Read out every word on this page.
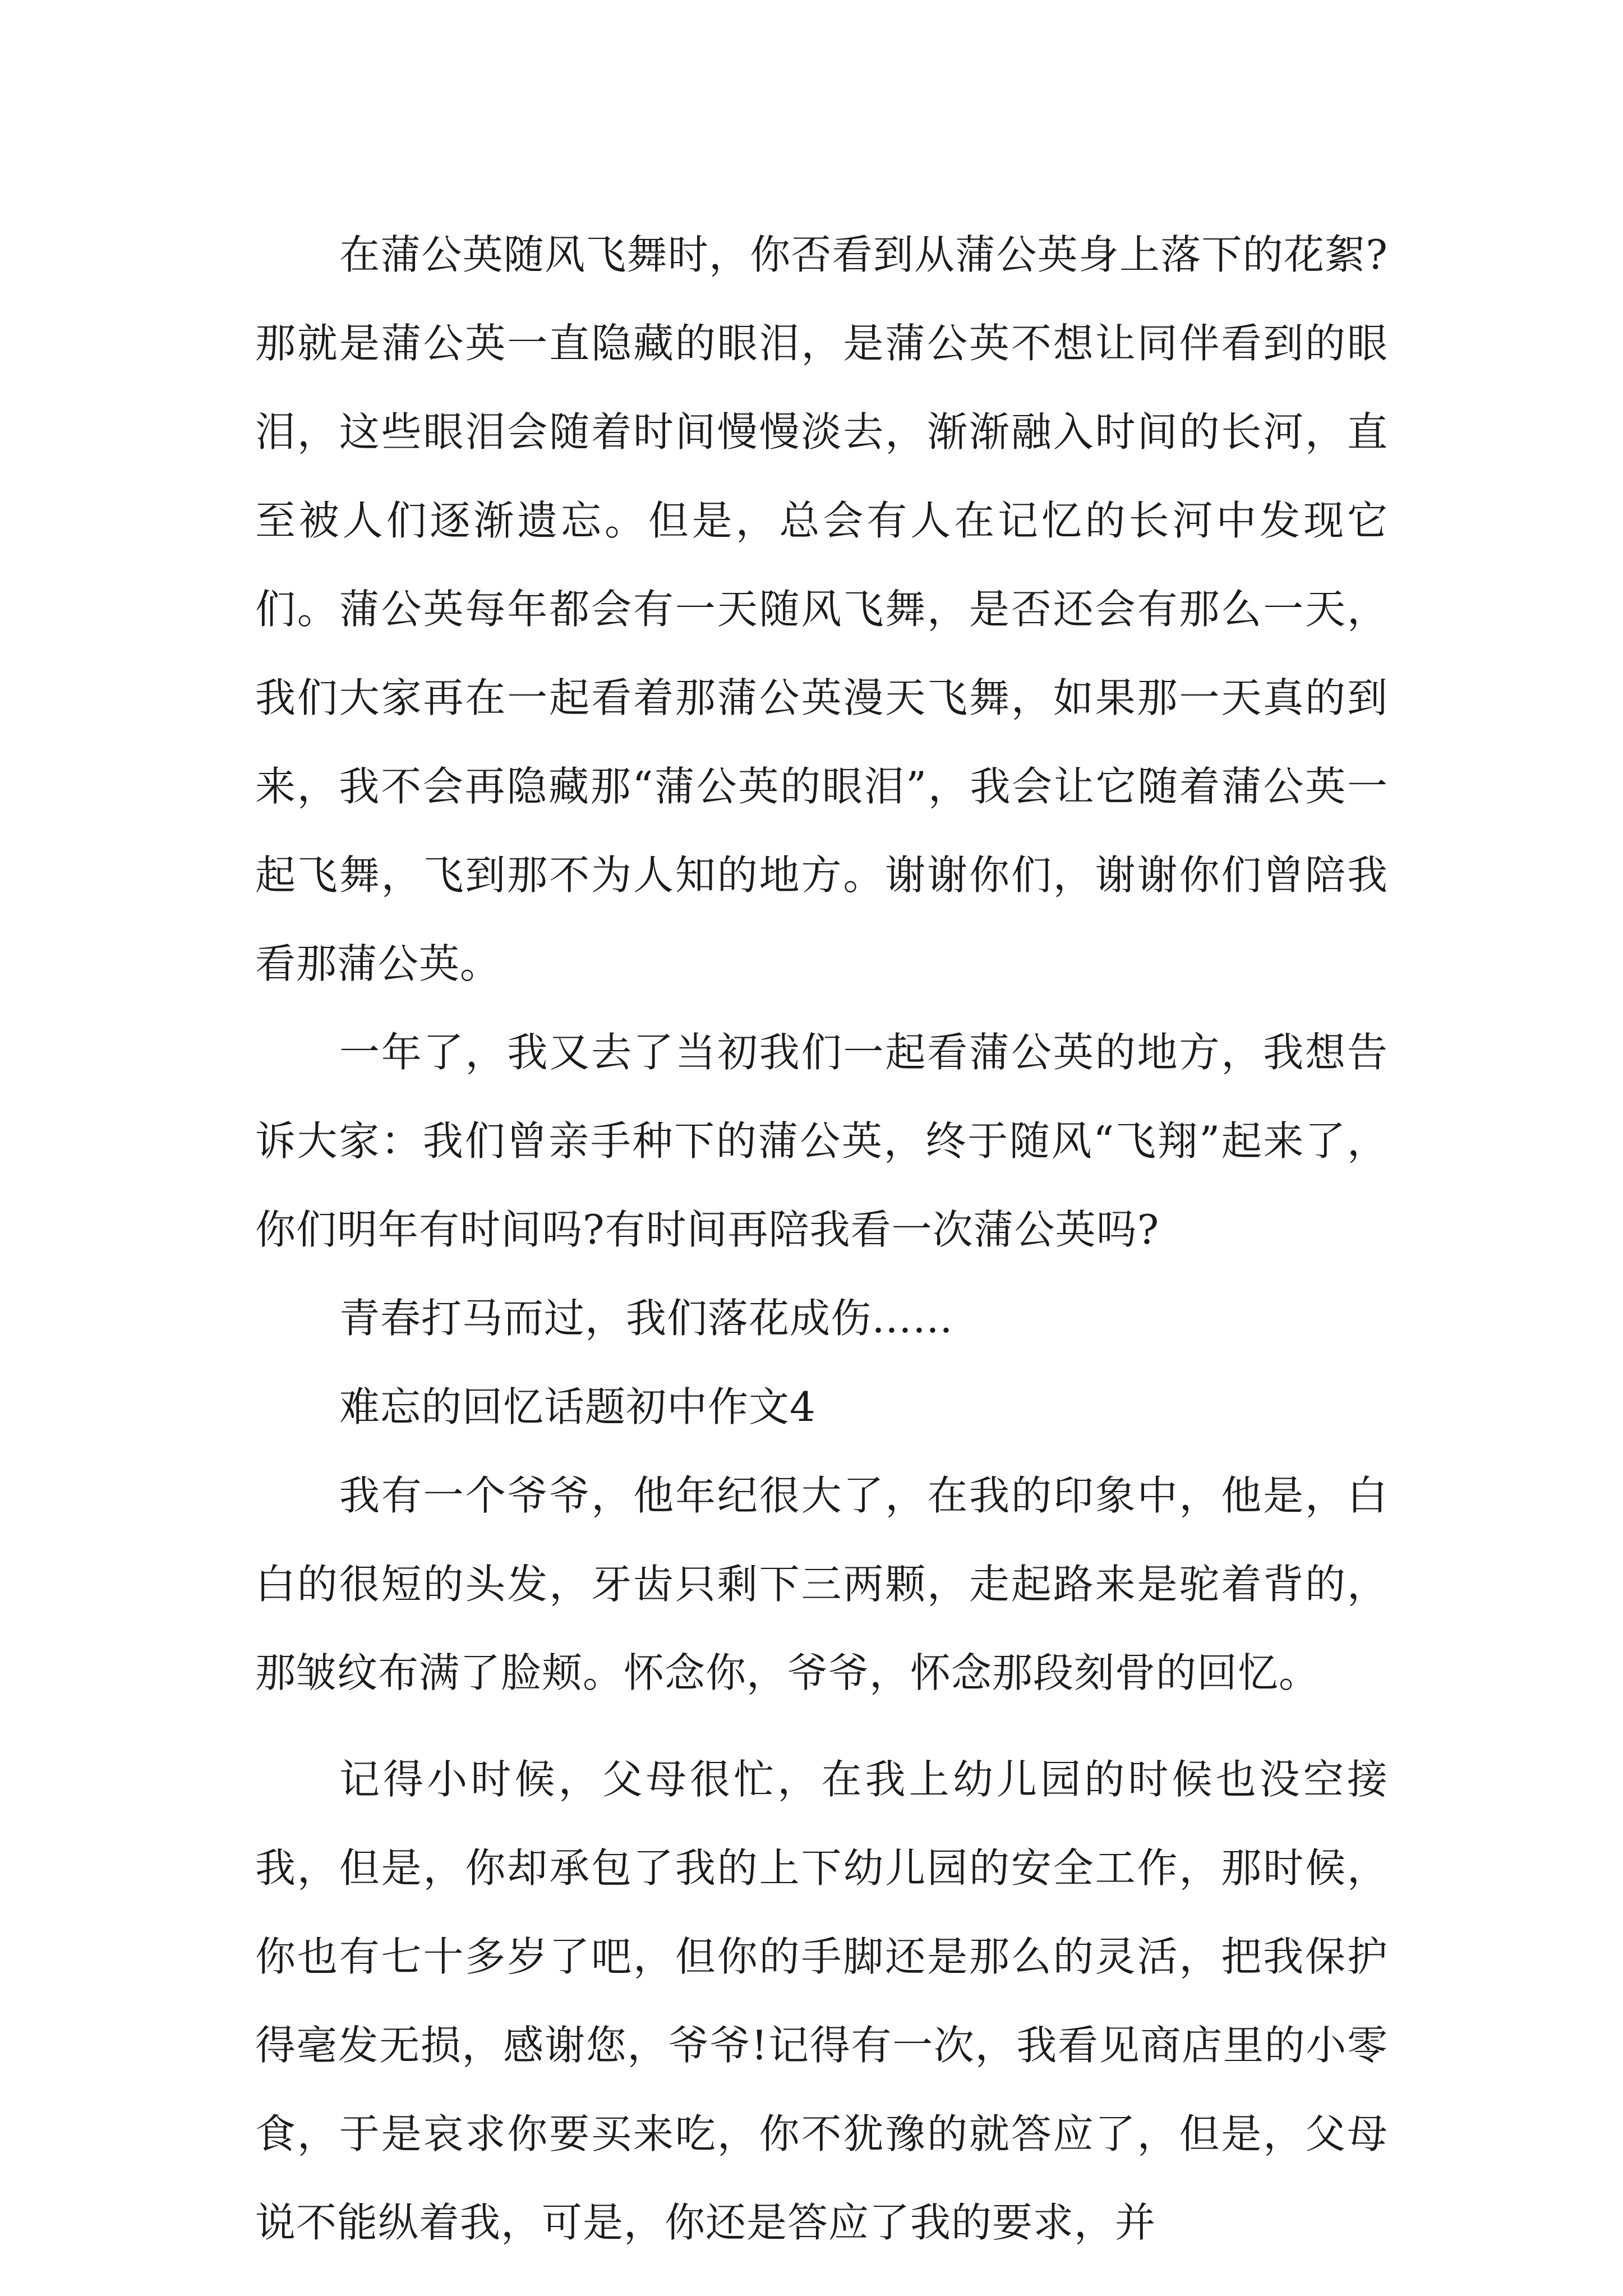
在蒲公英随风飞舞时，你否看到从蒲公英身上落下的花絮?那就是蒲公英一直隐藏的眼泪，是蒲公英不想让同伴看到的眼泪，这些眼泪会随着时间慢慢淡去，渐渐融入时间的长河，直至被人们逐渐遗忘。但是，总会有人在记忆的长河中发现它们。蒲公英每年都会有一天随风飞舞，是否还会有那么一天，我们大家再在一起看着那蒲公英漫天飞舞，如果那一天真的到来，我不会再隐藏那“蒲公英的眼泪”，我会让它随着蒲公英一起飞舞，飞到那不为人知的地方。谢谢你们，谢谢你们曾陪我看那蒲公英。

一年了，我又去了当初我们一起看蒲公英的地方，我想告诉大家：我们曾亲手种下的蒲公英，终于随风“飞翔”起来了，你们明年有时间吗?有时间再陪我看一次蒲公英吗?

青春打马而过，我们落花成伤……

难忘的回忆话题初中作文4

我有一个爷爷，他年纪很大了，在我的印象中，他是，白白的很短的头发，牙齿只剩下三两颗，走起路来是驼着背的，那皱纹布满了脸颊。怀念你，爷爷，怀念那段刻骨的回忆。

记得小时候，父母很忙，在我上幼儿园的时候也没空接我，但是，你却承包了我的上下幼儿园的安全工作，那时候，你也有七十多岁了吧，但你的手脚还是那么的灵活，把我保护得毫发无损，感谢您，爷爷!记得有一次，我看见商店里的小零食，于是哀求你要买来吃，你不犹豫的就答应了，但是，父母说不能纵着我，可是，你还是答应了我的要求，并
